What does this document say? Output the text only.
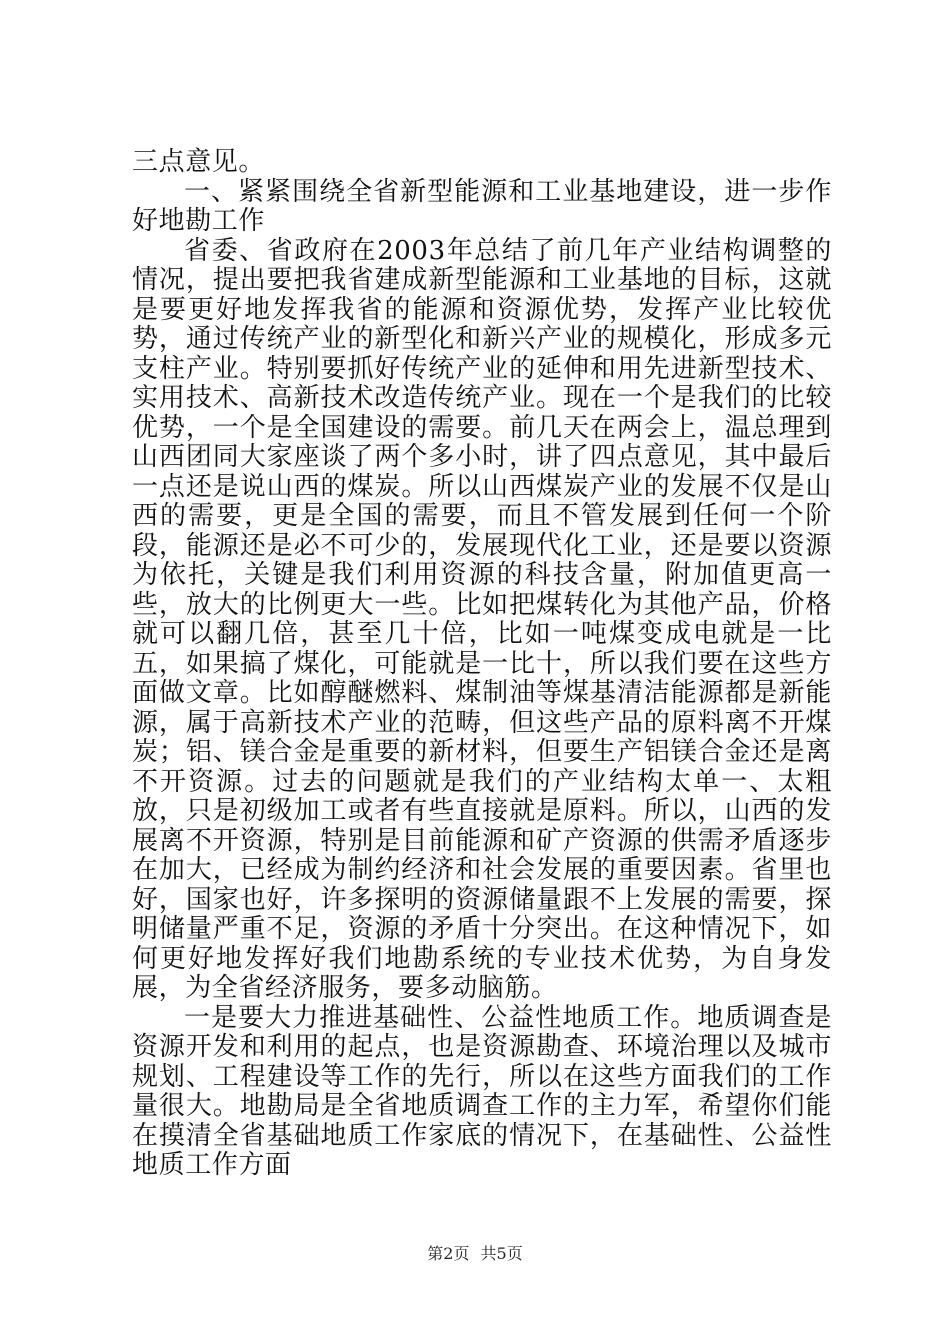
三点意见。

一、紧紧围绕全省新型能源和工业基地建设，进一步作好地勘工作

省委、省政府在2003年总结了前几年产业结构调整的情况，提出要把我省建成新型能源和工业基地的目标，这就是要更好地发挥我省的能源和资源优势，发挥产业比较优势，通过传统产业的新型化和新兴产业的规模化，形成多元支柱产业。特别要抓好传统产业的延伸和用先进新型技术、实用技术、高新技术改造传统产业。现在一个是我们的比较优势，一个是全国建设的需要。前几天在两会上，温总理到山西团同大家座谈了两个多小时，讲了四点意见，其中最后一点还是说山西的煤炭。所以山西煤炭产业的发展不仅是山西的需要，更是全国的需要，而且不管发展到任何一个阶段，能源还是必不可少的，发展现代化工业，还是要以资源为依托，关键是我们利用资源的科技含量，附加值更高一些，放大的比例更大一些。比如把煤转化为其他产品，价格就可以翻几倍，甚至几十倍，比如一吨煤变成电就是一比五，如果搞了煤化，可能就是一比十，所以我们要在这些方面做文章。比如醇醚燃料、煤制油等煤基清洁能源都是新能源，属于高新技术产业的范畴，但这些产品的原料离不开煤炭；铝、镁合金是重要的新材料，但要生产铝镁合金还是离不开资源。过去的问题就是我们的产业结构太单一、太粗放，只是初级加工或者有些直接就是原料。所以，山西的发展离不开资源，特别是目前能源和矿产资源的供需矛盾逐步在加大，已经成为制约经济和社会发展的重要因素。省里也好，国家也好，许多探明的资源储量跟不上发展的需要，探明储量严重不足，资源的矛盾十分突出。在这种情况下，如何更好地发挥好我们地勘系统的专业技术优势，为自身发展，为全省经济服务，要多动脑筋。

一是要大力推进基础性、公益性地质工作。地质调查是资源开发和利用的起点，也是资源勘查、环境治理以及城市规划、工程建设等工作的先行，所以在这些方面我们的工作量很大。地勘局是全省地质调查工作的主力军，希望你们能在摸清全省基础地质工作家底的情况下，在基础性、公益性地质工作方面

第2页 共5页
